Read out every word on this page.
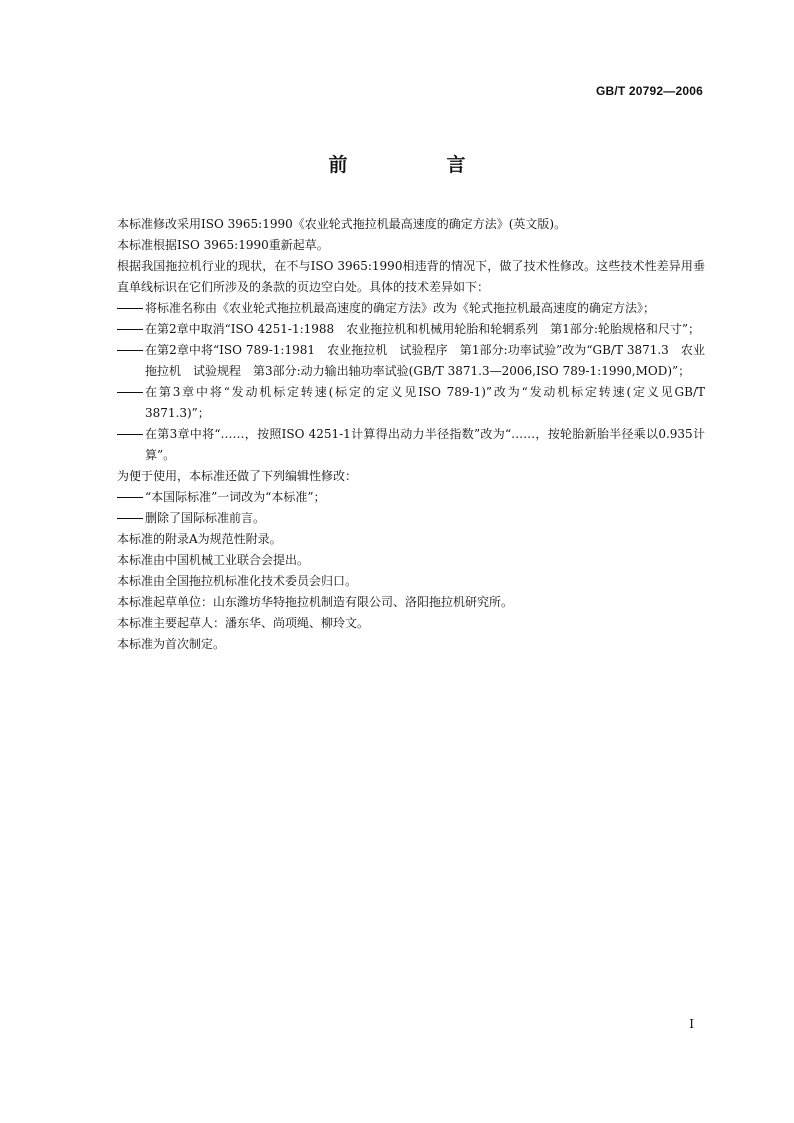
GB/T 20792—2006
前　言

本标准修改采用ISO 3965:1990《农业轮式拖拉机最高速度的确定方法》(英文版)。

本标准根据ISO 3965:1990重新起草。

根据我国拖拉机行业的现状，在不与ISO 3965:1990相违背的情况下，做了技术性修改。这些技术性差异用垂直单线标识在它们所涉及的条款的页边空白处。具体的技术差异如下：

将标准名称由《农业轮式拖拉机最高速度的确定方法》改为《轮式拖拉机最高速度的确定方法》；
在第2章中取消“ISO 4251-1:1988　农业拖拉机和机械用轮胎和轮辋系列　第1部分:轮胎规格和尺寸”；
在第2章中将“ISO 789-1:1981　农业拖拉机　试验程序　第1部分:功率试验”改为“GB/T 3871.3　农业拖拉机　试验规程　第3部分:动力输出轴功率试验(GB/T 3871.3—2006,ISO 789-1:1990,MOD)”；
在第3章中将“发动机标定转速(标定的定义见ISO 789-1)”改为“发动机标定转速(定义见GB/T 3871.3)”；
在第3章中将“……，按照ISO 4251-1计算得出动力半径指数”改为“……，按轮胎新胎半径乘以0.935计算”。

为便于使用，本标准还做了下列编辑性修改：

“本国际标准”一词改为“本标准”；
删除了国际标准前言。

本标准的附录A为规范性附录。

本标准由中国机械工业联合会提出。

本标准由全国拖拉机标准化技术委员会归口。

本标准起草单位：山东潍坊华特拖拉机制造有限公司、洛阳拖拉机研究所。

本标准主要起草人：潘东华、尚项绳、柳玲文。

本标准为首次制定。

I
